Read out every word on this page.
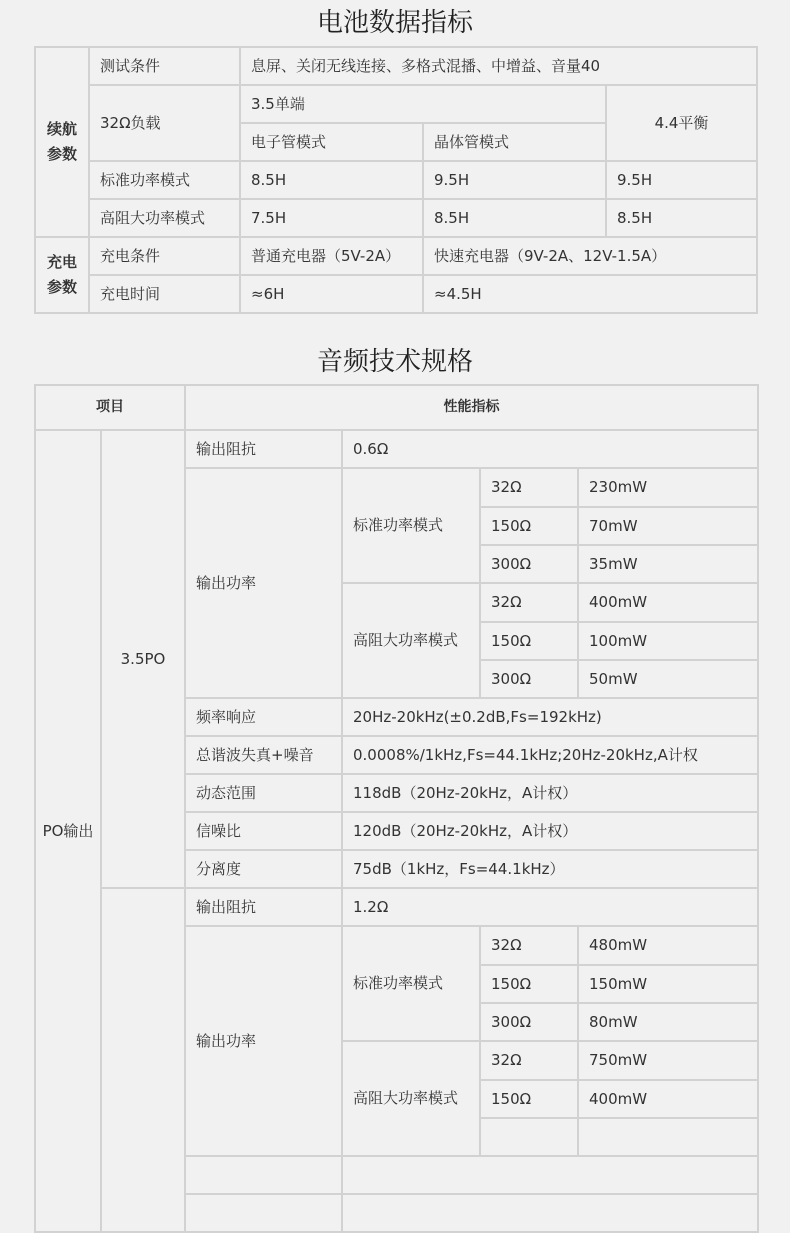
电池数据指标
续航
参数	测试条件	息屏、关闭无线连接、多格式混播、中增益、音量40		
	32Ω负载	3.5单端		4.4平衡
		电子管模式	晶体管模式	
	标准功率模式	8.5H	9.5H	9.5H
	高阻大功率模式	7.5H	8.5H	8.5H
充电
参数	充电条件	普通充电器（5V-2A）	快速充电器（9V-2A、12V-1.5A）	
	充电时间	≈6H	≈4.5H	
音频技术规格
项目		性能指标			
PO输出	3.5PO	输出阻抗	0.6Ω		
		输出功率	标准功率模式	32Ω	230mW
				150Ω	70mW
				300Ω	35mW
			高阻大功率模式	32Ω	400mW
				150Ω	100mW
				300Ω	50mW
		频率响应	20Hz-20kHz(±0.2dB,Fs=192kHz)		
		总谐波失真+噪音	0.0008%/1kHz,Fs=44.1kHz;20Hz-20kHz,A计权		
		动态范围	118dB（20Hz-20kHz，A计权）		
		信噪比	120dB（20Hz-20kHz，A计权）		
		分离度	75dB（1kHz，Fs=44.1kHz）		
		输出阻抗	1.2Ω		
		输出功率	标准功率模式	32Ω	480mW
				150Ω	150mW
				300Ω	80mW
			高阻大功率模式	32Ω	750mW
				150Ω	400mW
